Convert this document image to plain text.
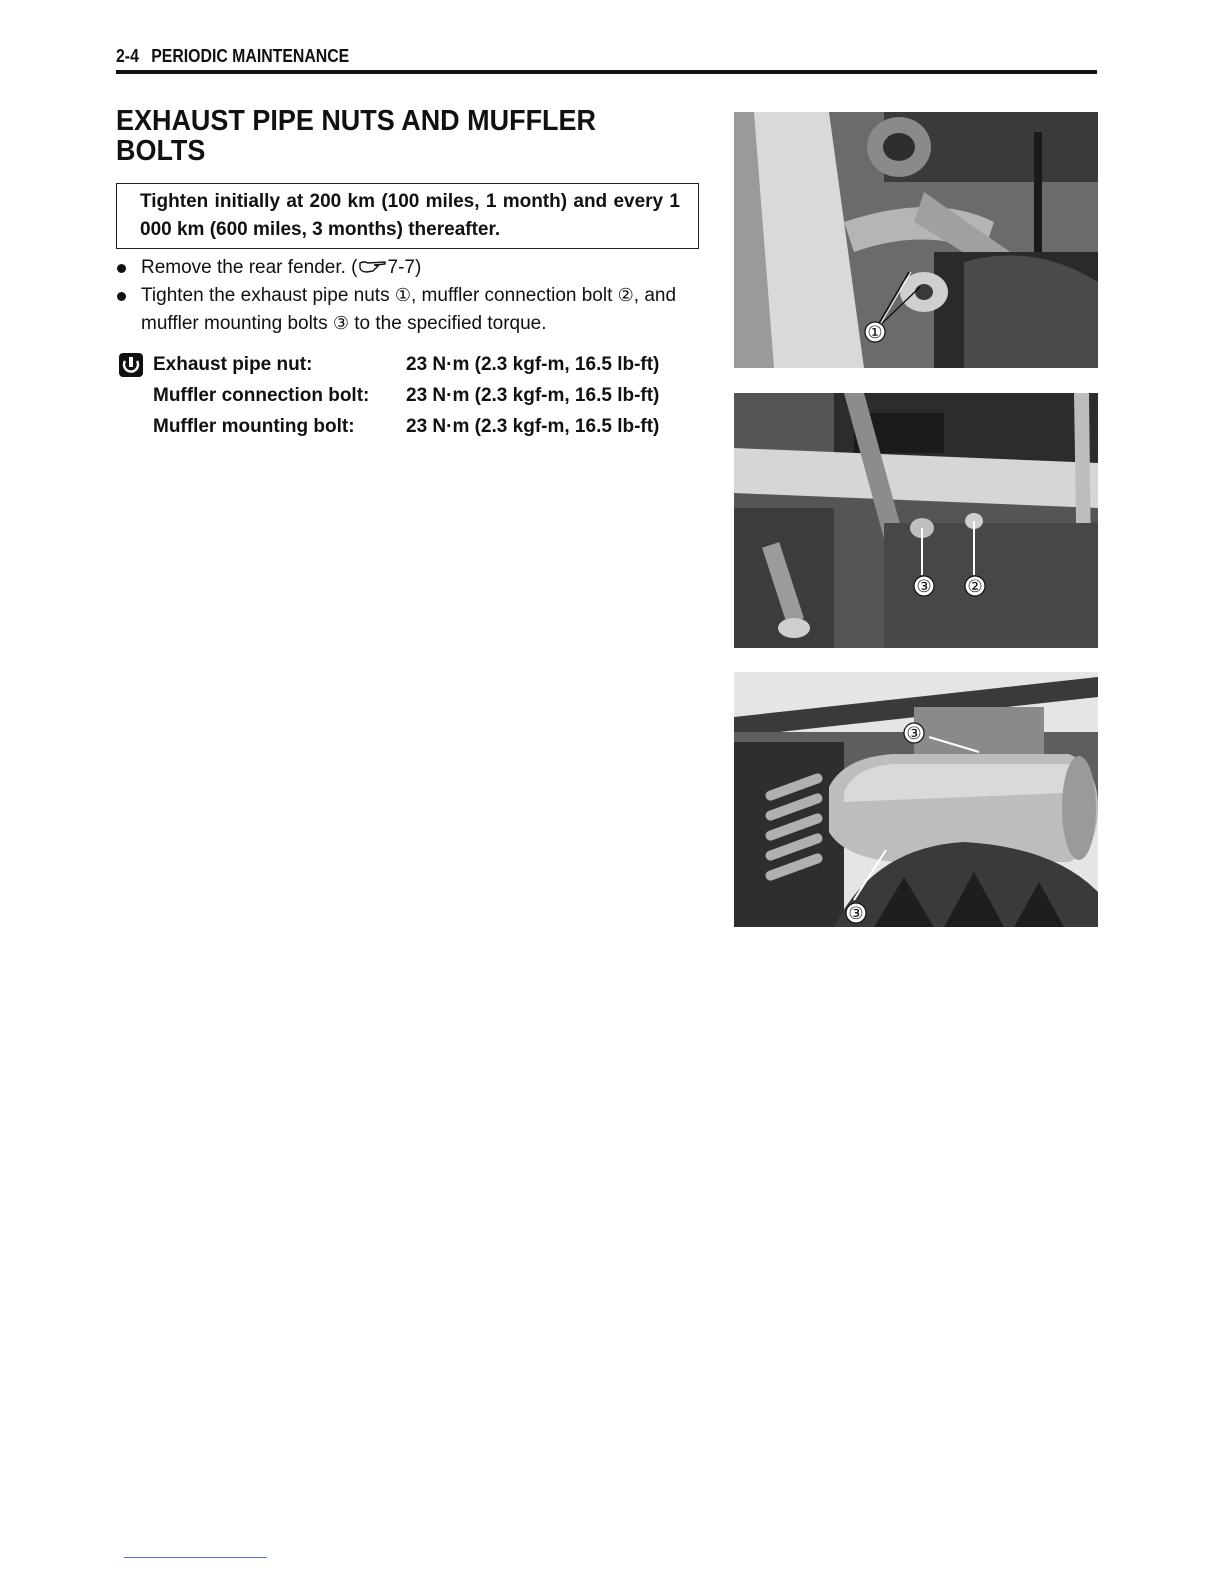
2-4 PERIODIC MAINTENANCE
EXHAUST PIPE NUTS AND MUFFLER
BOLTS
Tighten initially at 200 km (100 miles, 1 month) and every 1 000 km (600 miles, 3 months) thereafter.
Remove the rear fender. ( 7-7)
Tighten the exhaust pipe nuts ①, muffler connection bolt ②, and muffler mounting bolts ③ to the specified torque.
Exhaust pipe nut:	23 N·m (2.3 kgf-m, 16.5 lb-ft)
Muffler connection bolt: 23 N·m (2.3 kgf-m, 16.5 lb-ft)
Muffler mounting bolt:	23 N·m (2.3 kgf-m, 16.5 lb-ft)
①
③ ②
③
③
